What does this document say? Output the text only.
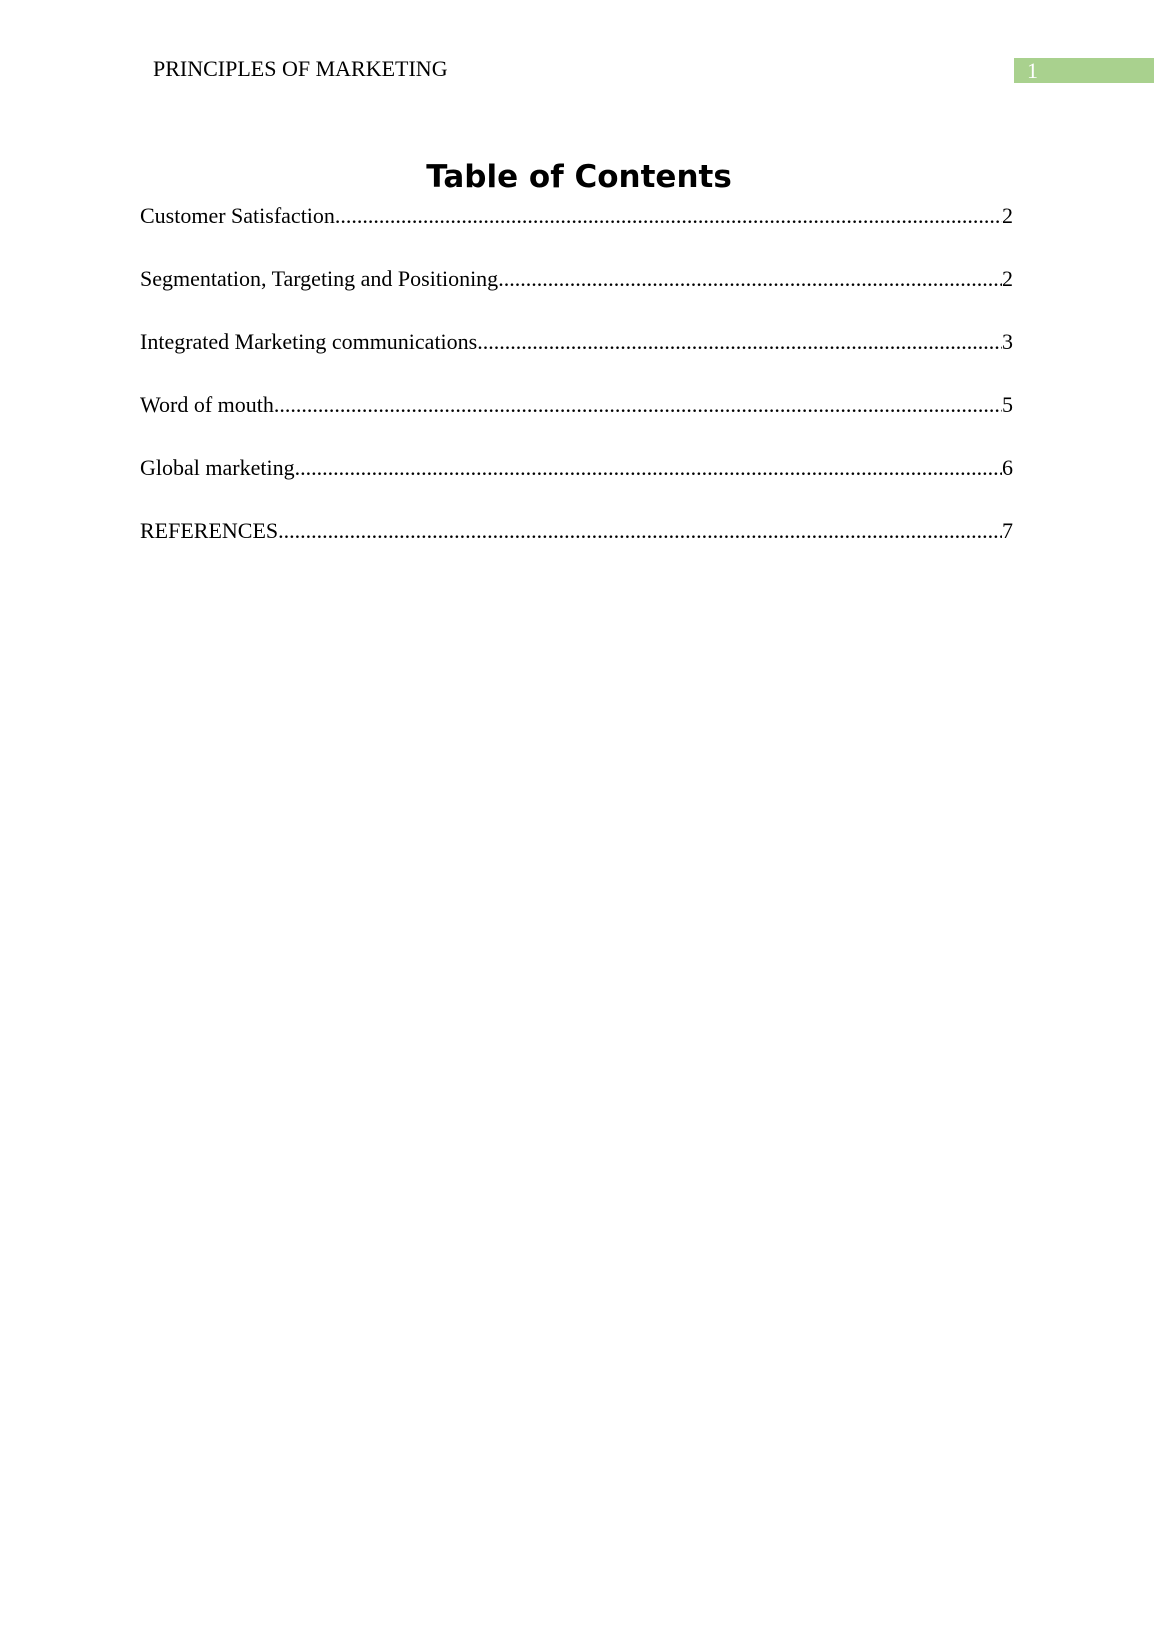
PRINCIPLES OF MARKETING	1
Table of Contents
Customer Satisfaction .....	2
Segmentation, Targeting and Positioning .....	2
Integrated Marketing communications .....	3
Word of mouth .....	5
Global marketing .....	6
REFERENCES .....	7
